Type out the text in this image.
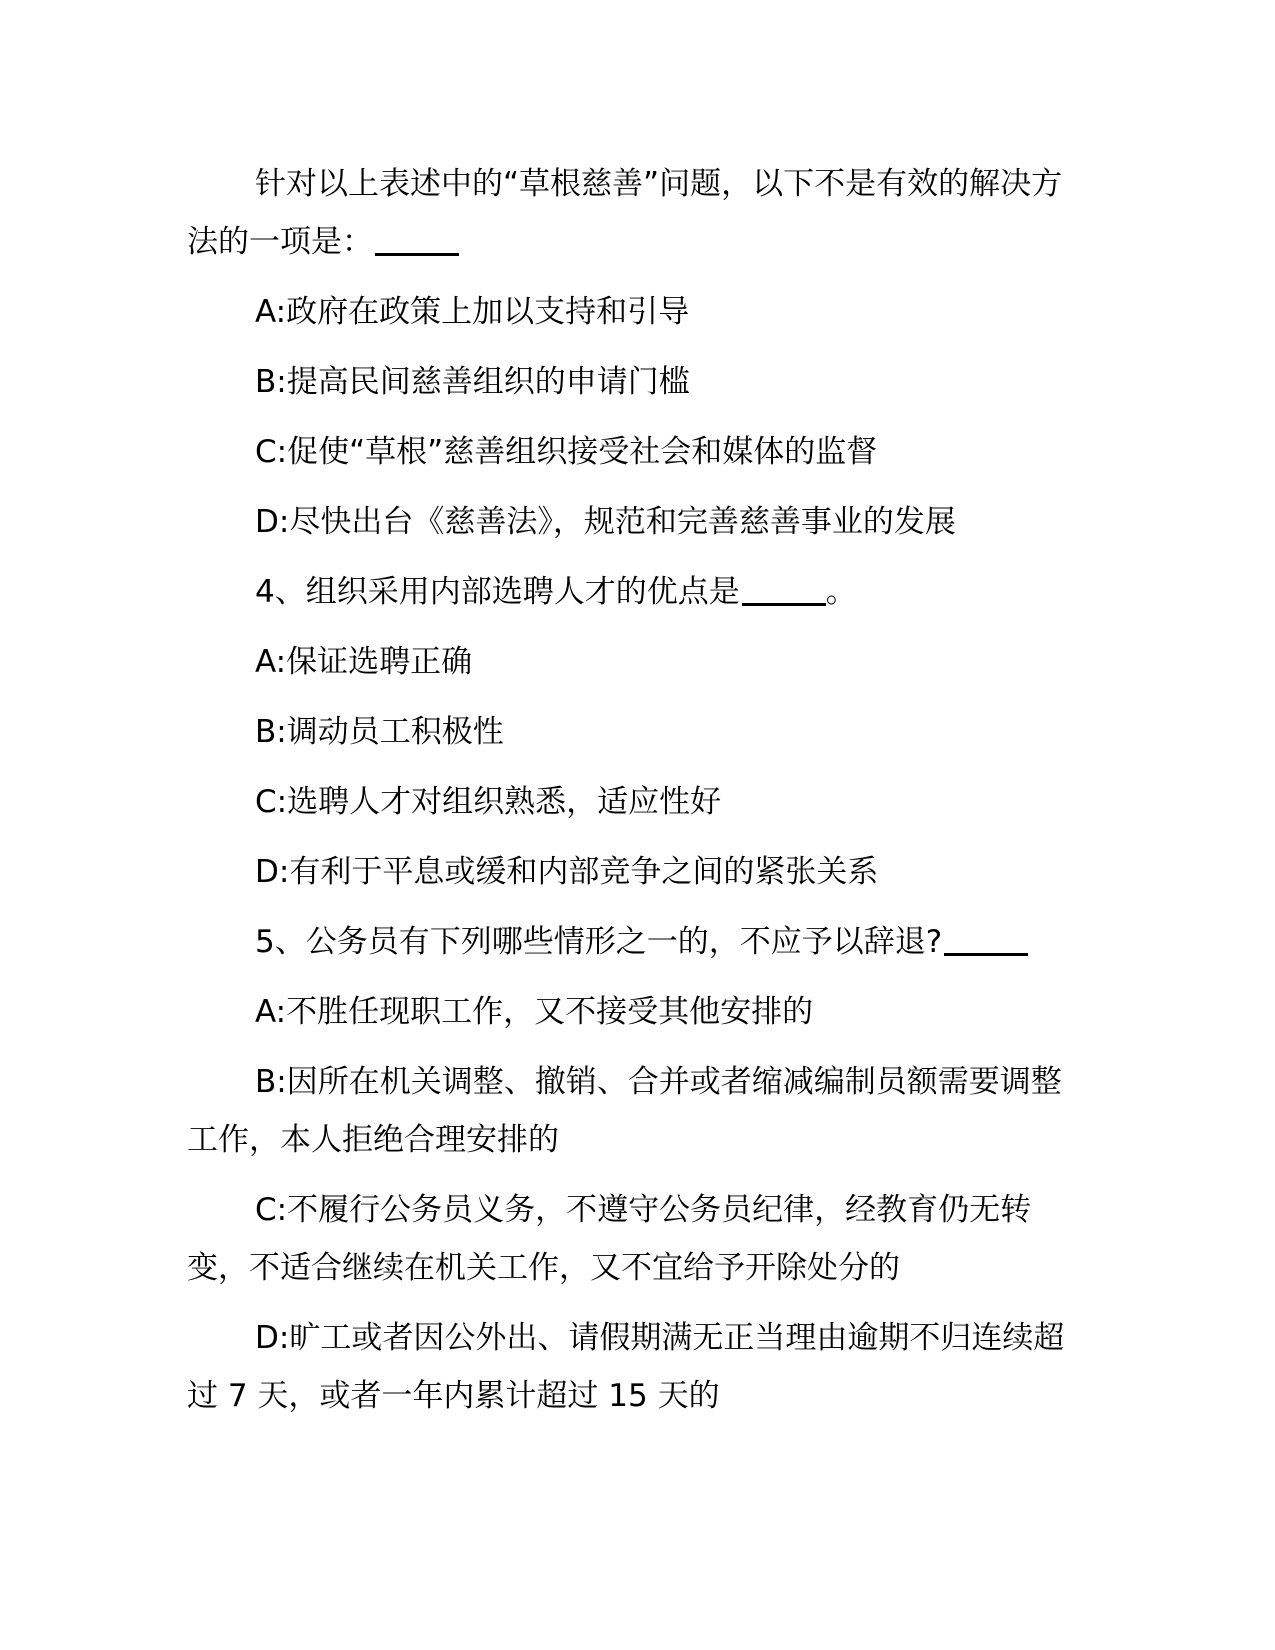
针对以上表述中的“草根慈善”问题，以下不是有效的解决方法的一项是：

A:政府在政策上加以支持和引导

B:提高民间慈善组织的申请门槛

C:促使“草根”慈善组织接受社会和媒体的监督

D:尽快出台《慈善法》，规范和完善慈善事业的发展

4、组织采用内部选聘人才的优点是	。

A:保证选聘正确

B:调动员工积极性

C:选聘人才对组织熟悉，适应性好

D:有利于平息或缓和内部竞争之间的紧张关系

5、公务员有下列哪些情形之一的，不应予以辞退?

A:不胜任现职工作，又不接受其他安排的

B:因所在机关调整、撤销、合并或者缩减编制员额需要调整工作，本人拒绝合理安排的

C:不履行公务员义务，不遵守公务员纪律，经教育仍无转变，不适合继续在机关工作，又不宜给予开除处分的

D:旷工或者因公外出、请假期满无正当理由逾期不归连续超过 7 天，或者一年内累计超过 15 天的
